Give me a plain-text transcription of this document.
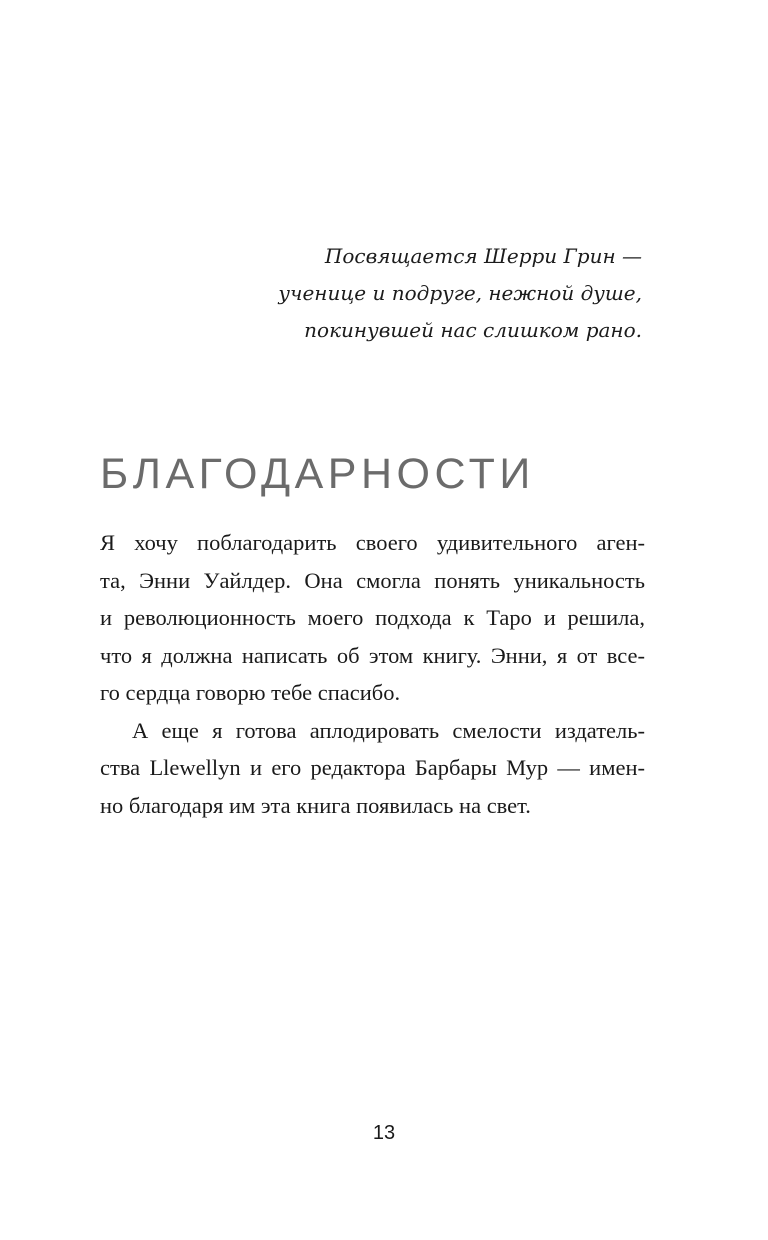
Посвящается Шерри Грин —
ученице и подруге, нежной душе,
покинувшей нас слишком рано.
БЛАГОДАРНОСТИ
Я хочу поблагодарить своего удивительного аген-
та, Энни Уайлдер. Она смогла понять уникальность
и революционность моего подхода к Таро и решила,
что я должна написать об этом книгу. Энни, я от все-
го сердца говорю тебе спасибо.
А еще я готова аплодировать смелости издатель-
ства Llewellyn и его редактора Барбары Мур — имен-
но благодаря им эта книга появилась на свет.
13
